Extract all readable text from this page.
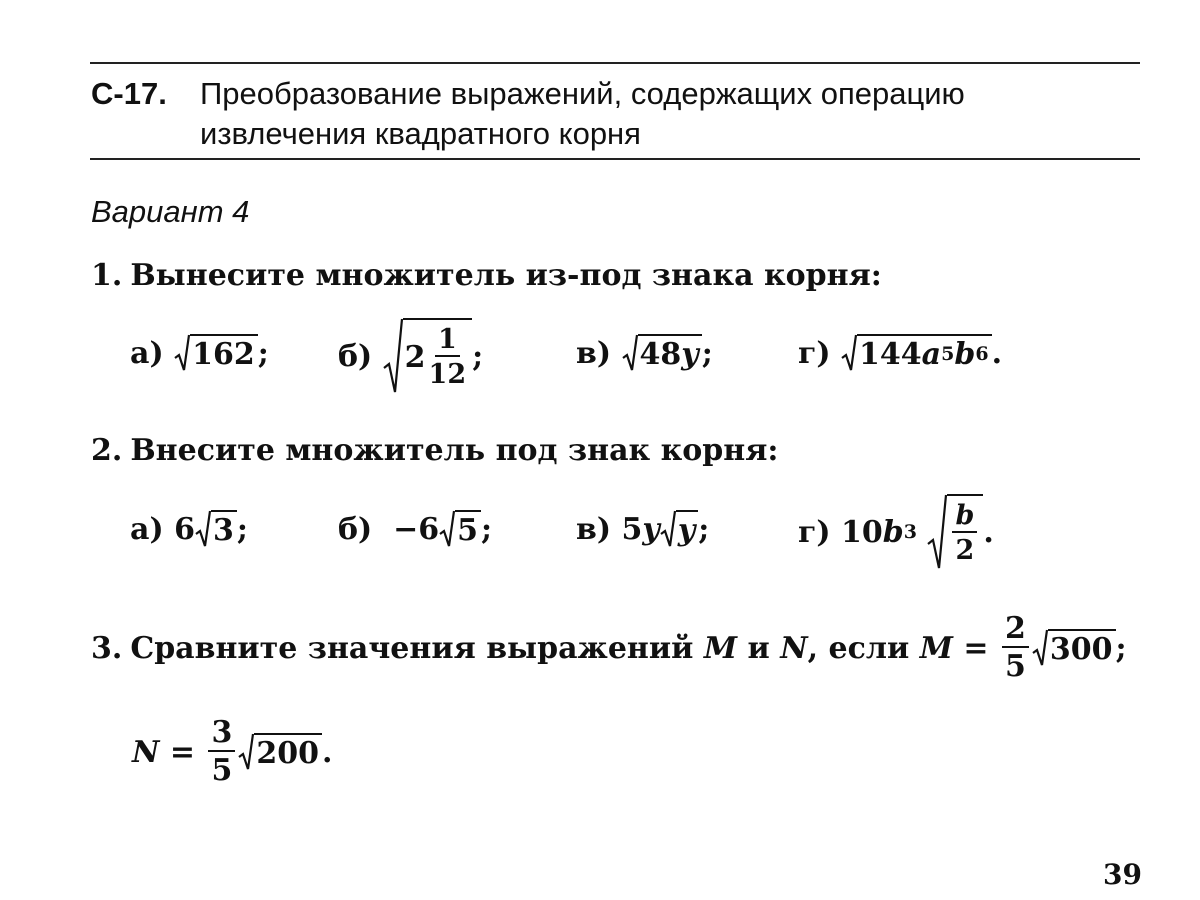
С-17. Преобразование выражений, содержащих операцию
извлечения квадратного корня
Вариант 4
1. Вынесите множитель из-под знака корня:
а)
162 ; б)
$2 \frac{1}{12}$ ;	в)
48 y ;	г)
144 a 5 b 6 .
2. Внесите множитель под знак корня:
а)
6 3 ;	б)
−6 5 ;	в)
5 y y ;	г)
10 b 3
$\frac{b}{2}$ .
3. Сравните значения выражений
M
и
N , если
M
=
$\frac{2}{5} 300$ ;
N
=
$\frac{3}{5} 200$ .
39
